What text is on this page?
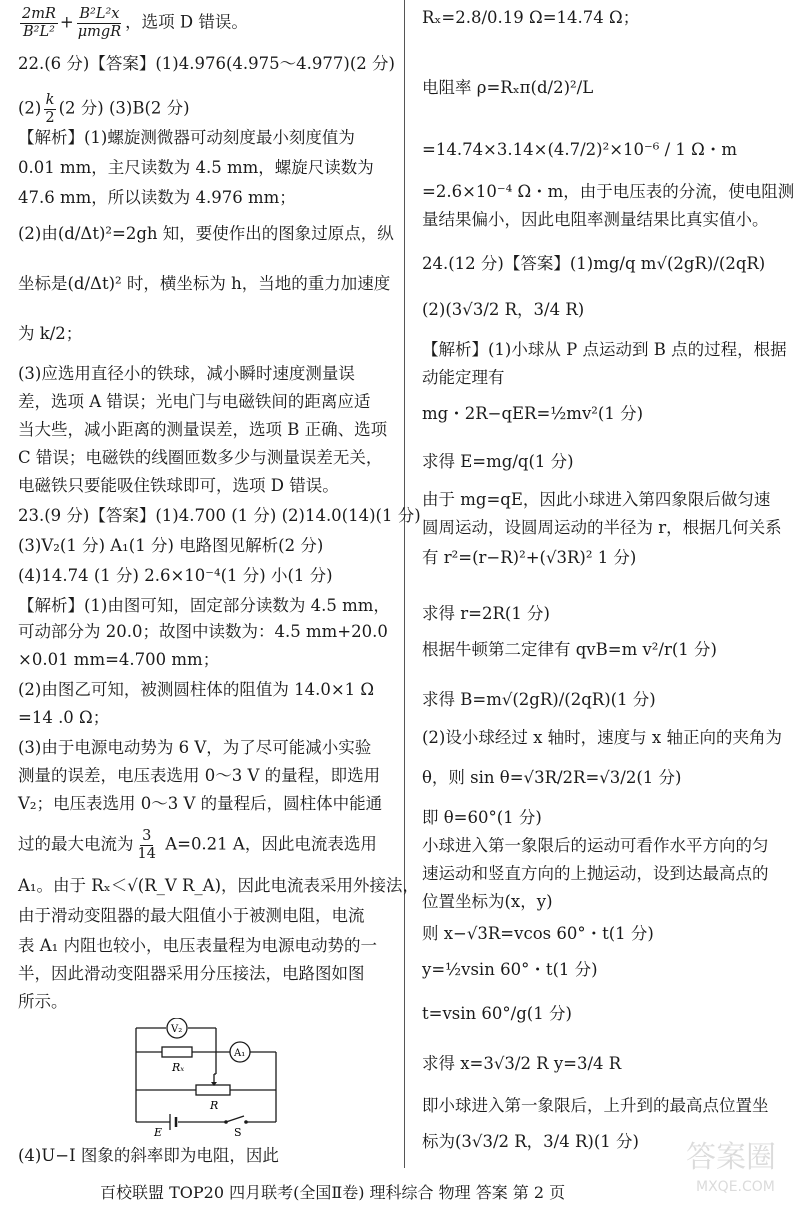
$\frac{2mR}{\text{B²L²}} + \frac{\text{B²L²x}}{\text{μmgR}}$ ，选项 D 错误。
22.(6 分)【答案】(1)4.976(4.975～4.977)(2 分)
$(2) \frac{k}{2} (2$ 分) (3)B(2 分)
【解析】(1)螺旋测微器可动刻度最小刻度值为
0.01 mm，主尺读数为 4.5 mm，螺旋尺读数为
47.6 mm，所以读数为 4.976 mm；
(2)由(d/Δt)²=2gh 知，要使作出的图象过原点，纵
坐标是(d/Δt)² 时，横坐标为 h，当地的重力加速度
为 k/2；
(3)应选用直径小的铁球，减小瞬时速度测量误
差，选项 A 错误；光电门与电磁铁间的距离应适
当大些，减小距离的测量误差，选项 B 正确、选项
C 错误；电磁铁的线圈匝数多少与测量误差无关，
电磁铁只要能吸住铁球即可，选项 D 错误。
23.(9 分)【答案】(1)4.700 (1 分) (2)14.0(14)(1 分)
(3)V₂(1 分) A₁(1 分) 电路图见解析(2 分)
(4)14.74 (1 分) 2.6×10⁻⁴(1 分) 小(1 分)
【解析】(1)由图可知，固定部分读数为 4.5 mm，
可动部分为 20.0；故图中读数为：4.5 mm+20.0
×0.01 mm=4.700 mm；
(2)由图乙可知，被测圆柱体的阻值为 14.0×1 Ω
=14 .0 Ω；
(3)由于电源电动势为 6 V，为了尽可能减小实验
测量的误差，电压表选用 0～3 V 的量程，即选用
V₂；电压表选用 0～3 V 的量程后，圆柱体中能通
过的最大电流为 $\frac{3}{14} A=0.21$ A，因此电流表选用
A₁。由于 Rₓ＜√(R_V R_A)，因此电流表采用外接法，
由于滑动变阻器的最大阻值小于被测电阻，电流
表 A₁ 内阻也较小，电压表量程为电源电动势的一
半，因此滑动变阻器采用分压接法，电路图如图
所示。
(4)U−I 图象的斜率即为电阻，因此
V₂
A₁
Rₓ
R
E	S
Rₓ=2.8/0.19 Ω=14.74 Ω；
电阻率 ρ=Rₓπ(d/2)²/L
=14.74×3.14×(4.7/2)²×10⁻⁶ / 1 Ω・m
=2.6×10⁻⁴ Ω・m，由于电压表的分流，使电阻测
量结果偏小，因此电阻率测量结果比真实值小。
24.(12 分)【答案】(1)mg/q m√(2gR)/(2qR)
(2)(3√3/2 R，3/4 R)
【解析】(1)小球从 P 点运动到 B 点的过程，根据
动能定理有
mg・2R−qER=½mv²(1 分)
求得 E=mg/q(1 分)
由于 mg=qE，因此小球进入第四象限后做匀速
圆周运动，设圆周运动的半径为 r，根据几何关系
有 r²=(r−R)²+(√3R)² 1 分)
求得 r=2R(1 分)
根据牛顿第二定律有 qvB=m v²/r(1 分)
求得 B=m√(2gR)/(2qR)(1 分)
(2)设小球经过 x 轴时，速度与 x 轴正向的夹角为
θ，则 sin θ=√3R/2R=√3/2(1 分)
即 θ=60°(1 分)
小球进入第一象限后的运动可看作水平方向的匀
速运动和竖直方向的上抛运动，设到达最高点的
位置坐标为(x，y)
则 x−√3R=vcos 60°・t(1 分)
y=½vsin 60°・t(1 分)
t=vsin 60°/g(1 分)
求得 x=3√3/2 R y=3/4 R
即小球进入第一象限后，上升到的最高点位置坐
标为(3√3/2 R，3/4 R)(1 分)
百校联盟 TOP20 四月联考(全国Ⅱ卷) 理科综合 物理 答案 第 2 页
答案圈
MXQE.COM
